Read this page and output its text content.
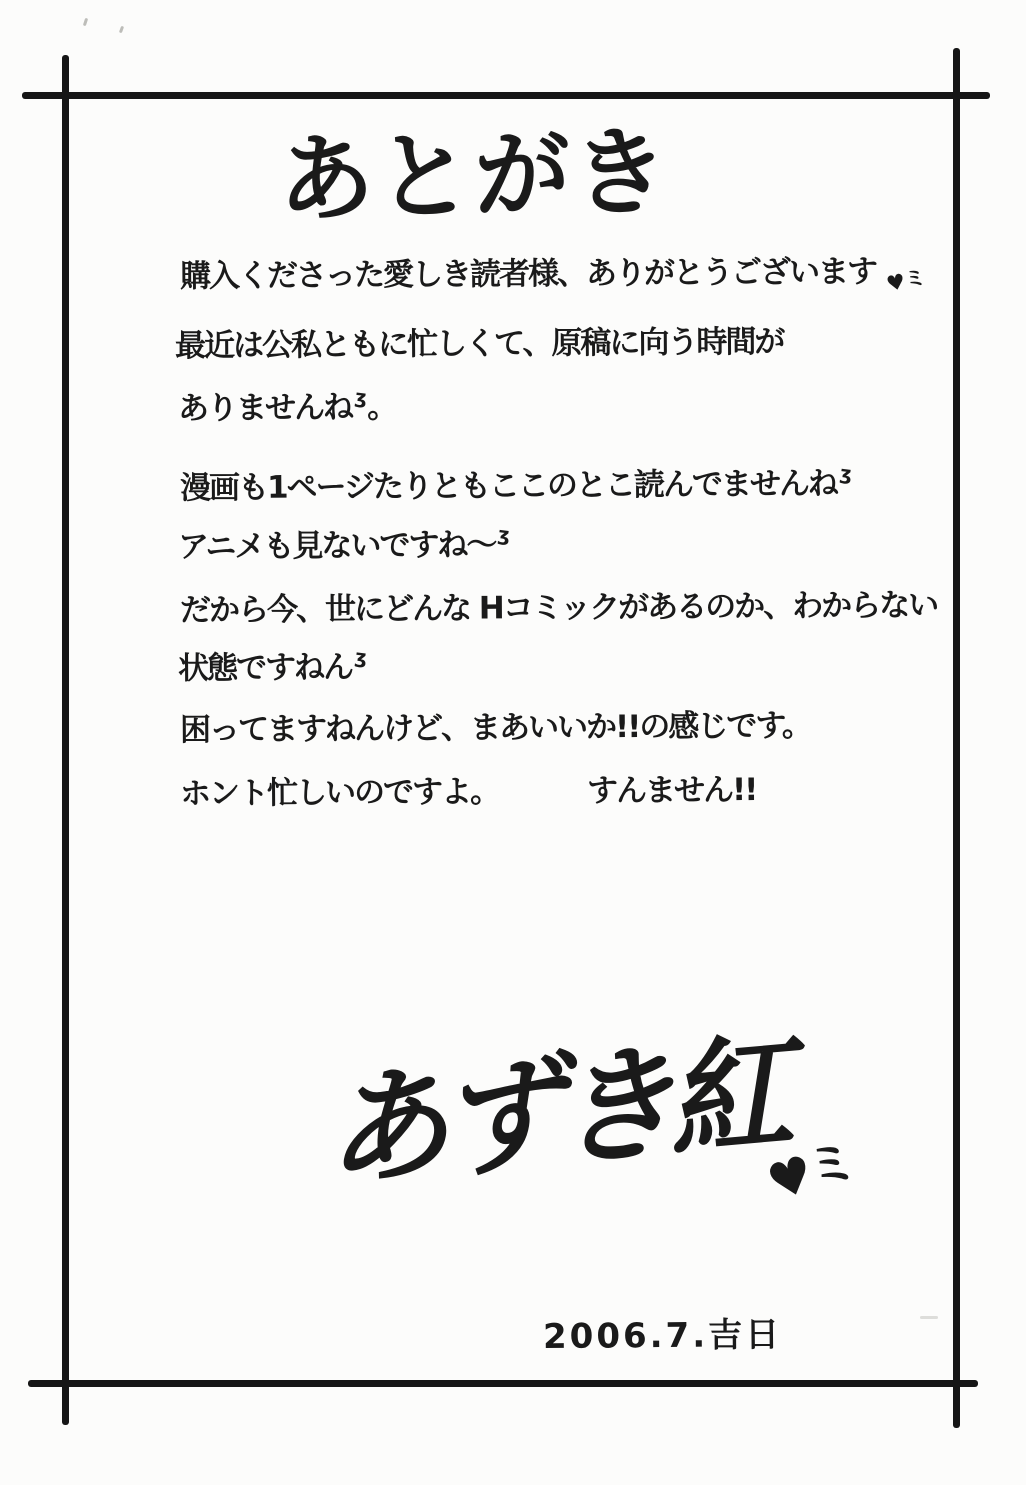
あとがき
購入くださった愛しき読者様、ありがとうございます ♥ミ
最近は公私ともに忙しくて、原稿に向う時間が
ありませんねʒ。
漫画も1ページたりともここのとこ読んでませんねʒ
アニメも見ないですね～ʒ
だから今、世にどんな Hコミックがあるのか、わからない
状態ですねんʒ
困ってますねんけど、まあいいか!!の感じです。
ホント忙しいのですよ。	すんません!!
あずき紅
♥ミ
2006.7.吉日
